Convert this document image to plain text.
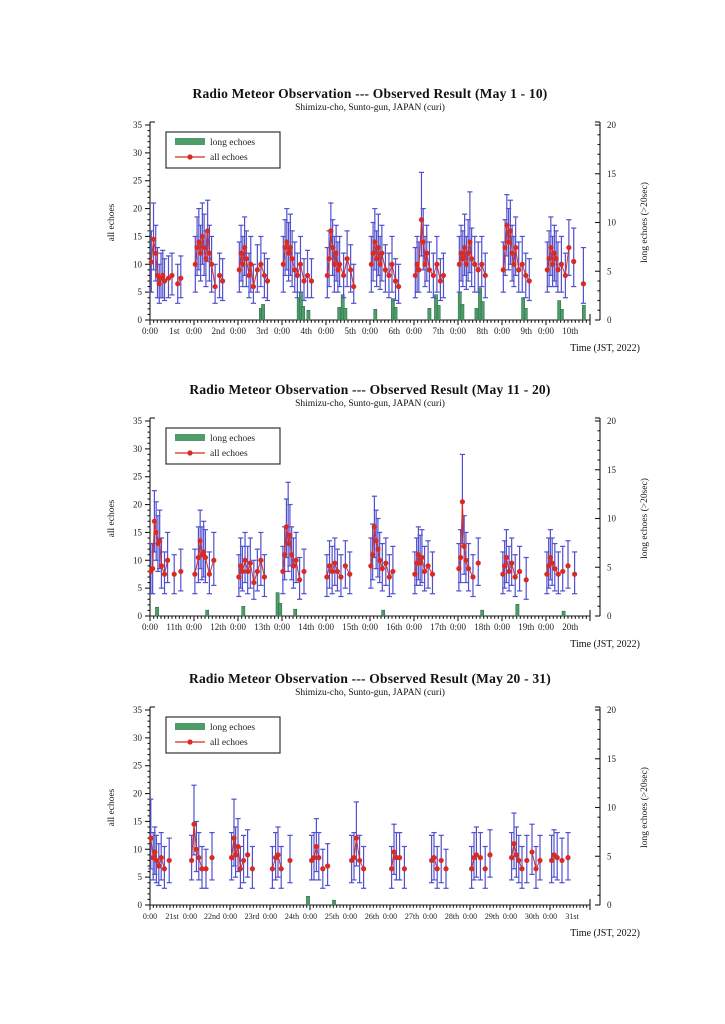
Radio Meteor Observation --- Observed Result (May 1 - 10)
Shimizu-cho, Sunto-gun, JAPAN (curi)
0
5
10
15
20
25
30
35
0
5
10
15
20
0:00 1st 0:00 2nd 0:00 3rd 0:00 4th 0:00 5th 0:00 6th 0:00 7th 0:00 8th 0:00 9th 0:00 10th
all echoes	long echoes (>20sec)
long echoes
all echoes
Time (JST, 2022)
Radio Meteor Observation --- Observed Result (May 11 - 20)
Shimizu-cho, Sunto-gun, JAPAN (curi)
0
5
10
15
20
25
30
35
0
5
10
15
20
0:00 11th 0:00 12th 0:00 13th 0:00 14th 0:00 15th 0:00 16th 0:00 17th 0:00 18th 0:00 19th 0:00 20th
all echoes	long echoes (>20sec)
long echoes
all echoes
Time (JST, 2022)
Radio Meteor Observation --- Observed Result (May 20 - 31)
Shimizu-cho, Sunto-gun, JAPAN (curi)
0
5
10
15
20
25
30
35
0
5
10
15
20
0:00 21st 0:00 22nd 0:00 23rd 0:00 24th 0:00 25th 0:00 26th 0:00 27th 0:00 28th 0:00 29th 0:00 30th 0:00 31st
all echoes	long echoes (>20sec)
long echoes
all echoes
Time (JST, 2022)
